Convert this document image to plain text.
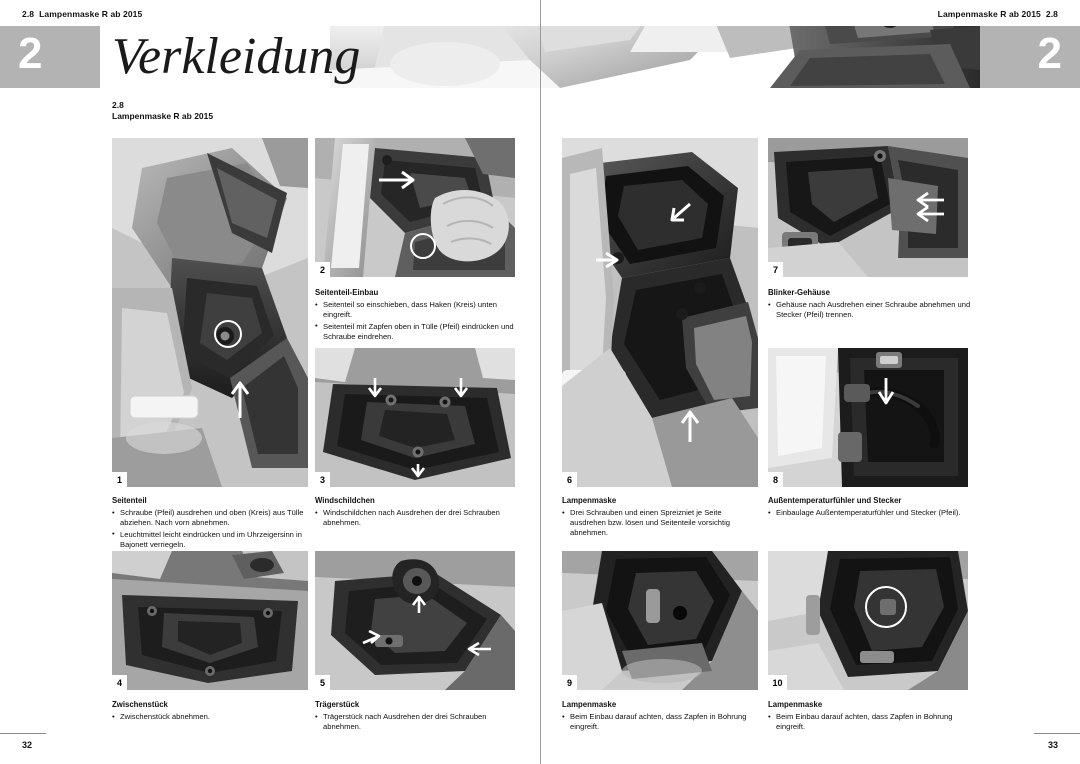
2.8 Lampenmaske R ab 2015	Lampenmaske R ab 2015 2.8
2	2
Verkleidung
2.8
Lampenmaske R ab 2015
1
2
Seitenteil-Einbau
• Seitenteil so einschieben, dass Haken (Kreis) unten eingreift.
• Seitenteil mit Zapfen oben in Tülle (Pfeil) eindrücken und Schraube eindrehen.
3
Seitenteil
• Schraube (Pfeil) ausdrehen und oben (Kreis) aus Tülle abziehen. Nach vorn abnehmen.
• Leuchtmittel leicht eindrücken und im Uhrzeigersinn in Bajonett verriegeln.
Windschildchen
• Windschildchen nach Ausdrehen der drei Schrauben abnehmen.
4	5
Zwischenstück
• Zwischenstück abnehmen.
Trägerstück
• Trägerstück nach Ausdrehen der drei Schrauben abnehmen.
6
7
Blinker-Gehäuse
• Gehäuse nach Ausdrehen einer Schraube abnehmen und Stecker (Pfeil) trennen.
8
Lampenmaske
• Drei Schrauben und einen Spreizniet je Seite ausdrehen bzw. lösen und Seitenteile vorsichtig abnehmen.
Außentemperaturfühler und Stecker
• Einbaulage Außentemperaturfühler und Stecker (Pfeil).
9	10
Lampenmaske
• Beim Einbau darauf achten, dass Zapfen in Bohrung eingreift.
Lampenmaske
• Beim Einbau darauf achten, dass Zapfen in Bohrung eingreift.
32	33
